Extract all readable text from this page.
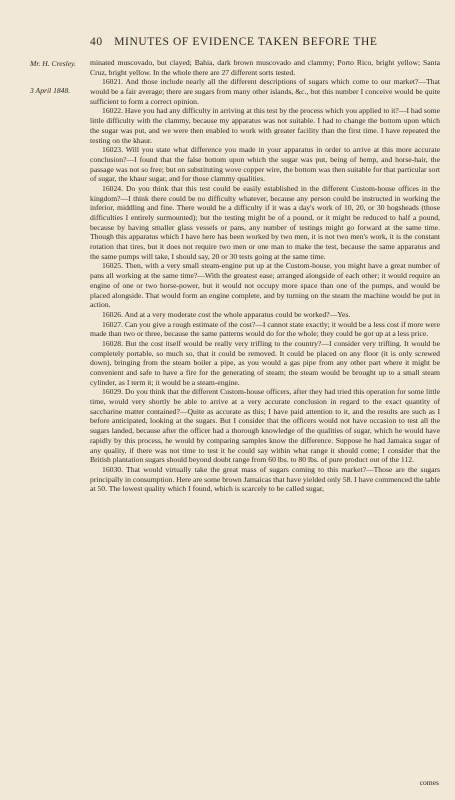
40 MINUTES OF EVIDENCE TAKEN BEFORE THE
Mr. H. Cresley.
3 April 1848.

minated muscovado, but clayed; Bahia, dark brown muscovado and clammy; Porto Rico, bright yellow; Santa Cruz, bright yellow. In the whole there are 27 different sorts tested.

16021. And those include nearly all the different descriptions of sugars which come to our market?—That would be a fair average; there are sugars from many other islands, &c., but this number I conceive would be quite sufficient to form a correct opinion.

16022. Have you had any difficulty in arriving at this test by the process which you applied to it?—I had some little difficulty with the clammy, because my apparatus was not suitable. I had to change the bottom upon which the sugar was put, and we were then enabled to work with greater facility than the first time. I have repeated the testing on the khaur.

16023. Will you state what difference you made in your apparatus in order to arrive at this more accurate conclusion?—I found that the false bottom upon which the sugar was put, being of hemp, and horse-hair, the passage was not so free; but on substituting wove copper wire, the bottom was then suitable for that particular sort of sugar, the khaur sugar, and for those clammy qualities.

16024. Do you think that this test could be easily established in the different Custom-house offices in the kingdom?—I think there could be no difficulty whatever, because any person could be instructed in working the inferior, middling and fine. There would be a difficulty if it was a day's work of 10, 20, or 30 hogsheads (those difficulties I entirely surmounted); but the testing might be of a pound, or it might be reduced to half a pound, because by having smaller glass vessels or pans, any number of testings might go forward at the same time. Though this apparatus which I have here has been worked by two men, it is not two men's work, it is the constant rotation that tires, but it does not require two men or one man to make the test, because the same apparatus and the same pumps will take, I should say, 20 or 30 tests going at the same time.

16025. Then, with a very small steam-engine put up at the Custom-house, you might have a great number of pans all working at the same time?—With the greatest ease; arranged alongside of each other; it would require an engine of one or two horse-power, but it would not occupy more space than one of the pumps, and would be placed alongside. That would form an engine complete, and by turning on the steam the machine would be put in action.

16026. And at a very moderate cost the whole apparatus could be worked?—Yes.

16027. Can you give a rough estimate of the cost?—I cannot state exactly; it would be a less cost if more were made than two or three, because the same patterns would do for the whole; they could be got up at a less price.

16028. But the cost itself would be really very trifling to the country?—I consider very trifling. It would be completely portable, so much so, that it could be removed. It could be placed on any floor (it is only screwed down), bringing from the steam boiler a pipe, as you would a gas pipe from any other part where it might be convenient and safe to have a fire for the generating of steam; the steam would be brought up to a small steam cylinder, as I term it; it would be a steam-engine.

16029. Do you think that the different Custom-house officers, after they had tried this operation for some little time, would very shortly be able to arrive at a very accurate conclusion in regard to the exact quantity of saccharine matter contained?—Quite as accurate as this; I have paid attention to it, and the results are such as I before anticipated, looking at the sugars. But I consider that the officers would not have occasion to test all the sugars landed, because after the officer had a thorough knowledge of the qualities of sugar, which he would have rapidly by this process, he would by comparing samples know the difference. Suppose he had Jamaica sugar of any quality, if there was not time to test it he could say within what range it should come; I consider that the British plantation sugars should beyond doubt range from 60 lbs. to 80 lbs. of pure product out of the 112.

16030. That would virtually take the great mass of sugars coming to this market?—Those are the sugars principally in consumption. Here are some brown Jamaicas that have yielded only 58. I have commenced the table at 50. The lowest quality which I found, which is scarcely to be called sugar,

comes
